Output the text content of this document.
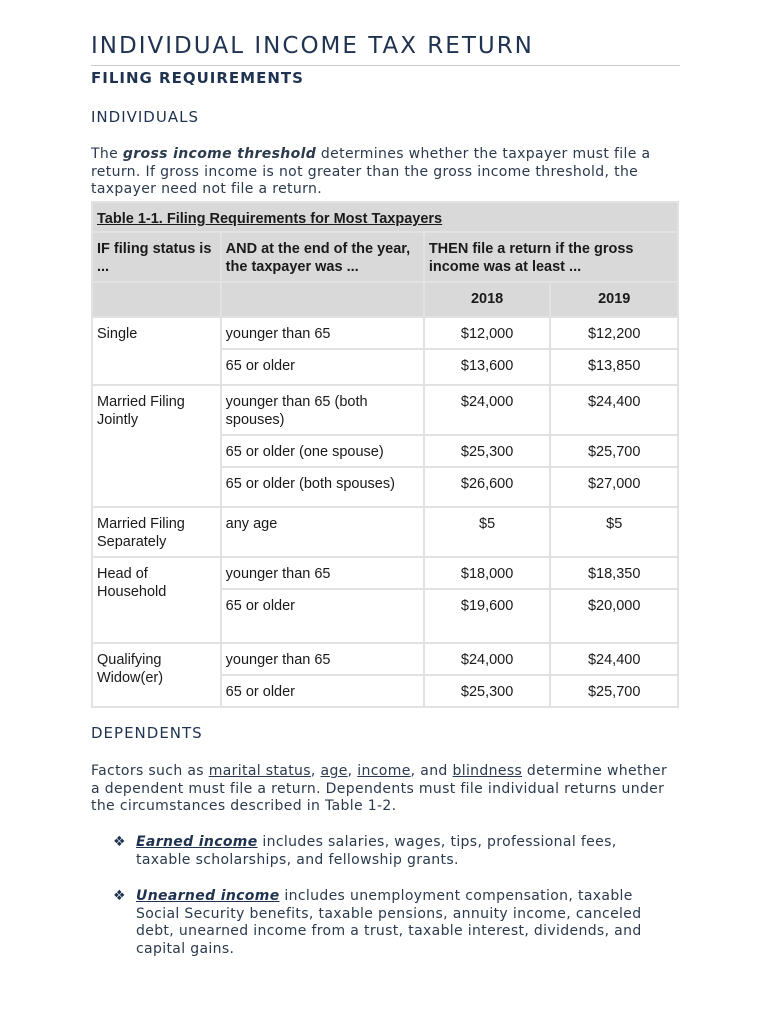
INDIVIDUAL INCOME TAX RETURN
FILING REQUIREMENTS
INDIVIDUALS

The gross income threshold determines whether the taxpayer must file a return. If gross income is not greater than the gross income threshold, the taxpayer need not file a return.

Table 1-1. Filing Requirements for Most Taxpayers			
IF filing status is ...	AND at the end of the year, the taxpayer was ...	THEN file a return if the gross income was at least ...	
		2018	2019
Single	younger than 65	$12,000	$12,200
	65 or older	$13,600	$13,850
Married Filing Jointly	younger than 65 (both spouses)	$24,000	$24,400
	65 or older (one spouse)	$25,300	$25,700
	65 or older (both spouses)	$26,600	$27,000
Married Filing Separately	any age	$5	$5
Head of Household	younger than 65	$18,000	$18,350
	65 or older	$19,600	$20,000
Qualifying Widow(er)	younger than 65	$24,000	$24,400
	65 or older	$25,300	$25,700
DEPENDENTS

Factors such as marital status, age, income, and blindness determine whether a dependent must file a return. Dependents must file individual returns under the circumstances described in Table 1-2.

❖ Earned income includes salaries, wages, tips, professional fees, taxable scholarships, and fellowship grants.

❖ Unearned income includes unemployment compensation, taxable Social Security benefits, taxable pensions, annuity income, canceled debt, unearned income from a trust, taxable interest, dividends, and capital gains.
